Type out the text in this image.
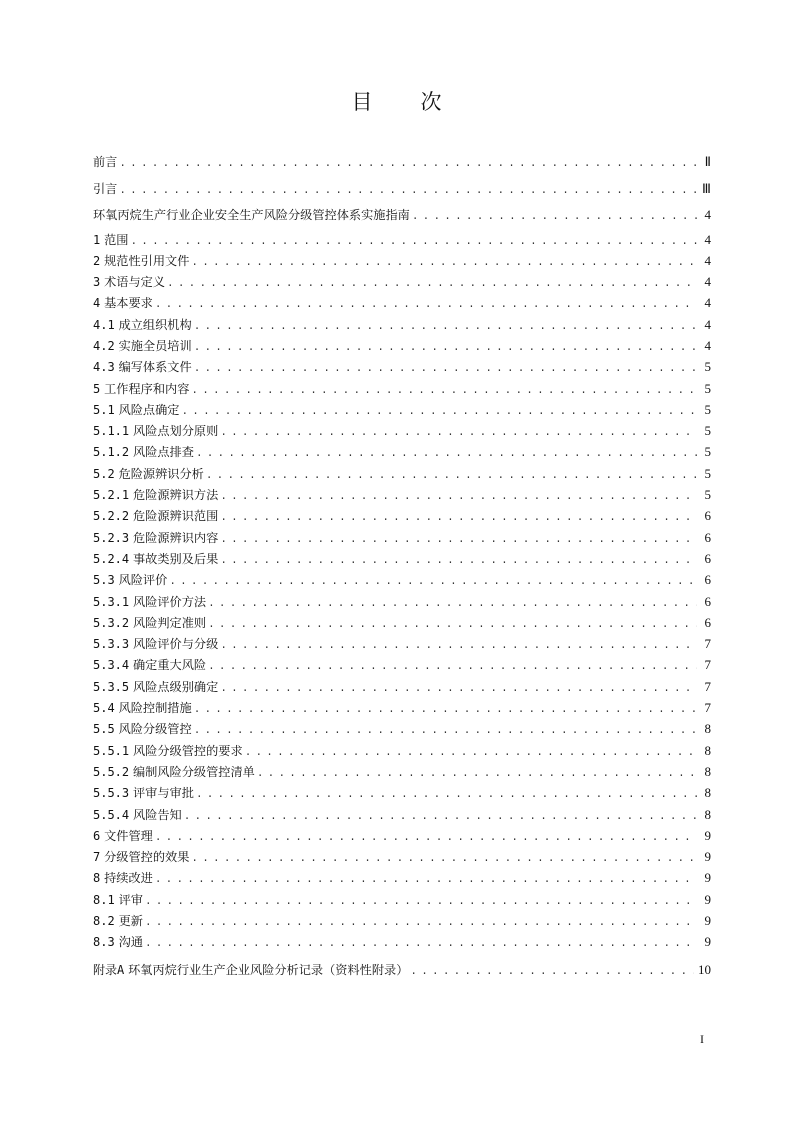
目 次
前言 . . .	Ⅱ
引言 . . .	Ⅲ
环氧丙烷生产行业企业安全生产风险分级管控体系实施指南 . . .	4
1 范围 . . .	4
2 规范性引用文件 . . .	4
3 术语与定义 . . .	4
4 基本要求 . . .	4
4.1 成立组织机构 . . .	4
4.2 实施全员培训 . . .	4
4.3 编写体系文件 . . .	5
5 工作程序和内容 . . .	5
5.1 风险点确定 . . .	5
5.1.1 风险点划分原则 . . .	5
5.1.2 风险点排查 . . .	5
5.2 危险源辨识分析 . . .	5
5.2.1 危险源辨识方法 . . .	5
5.2.2 危险源辨识范围 . . .	6
5.2.3 危险源辨识内容 . . .	6
5.2.4 事故类别及后果 . . .	6
5.3 风险评价 . . .	6
5.3.1 风险评价方法 . . .	6
5.3.2 风险判定准则 . . .	6
5.3.3 风险评价与分级 . . .	7
5.3.4 确定重大风险 . . .	7
5.3.5 风险点级别确定 . . .	7
5.4 风险控制措施 . . .	7
5.5 风险分级管控 . . .	8
5.5.1 风险分级管控的要求 . . .	8
5.5.2 编制风险分级管控清单 . . .	8
5.5.3 评审与审批 . . .	8
5.5.4 风险告知 . . .	8
6 文件管理 . . .	9
7 分级管控的效果 . . .	9
8 持续改进 . . .	9
8.1 评审 . . .	9
8.2 更新 . . .	9
8.3 沟通 . . .	9
附录A 环氧丙烷行业生产企业风险分析记录（资料性附录） . . .	10
I
